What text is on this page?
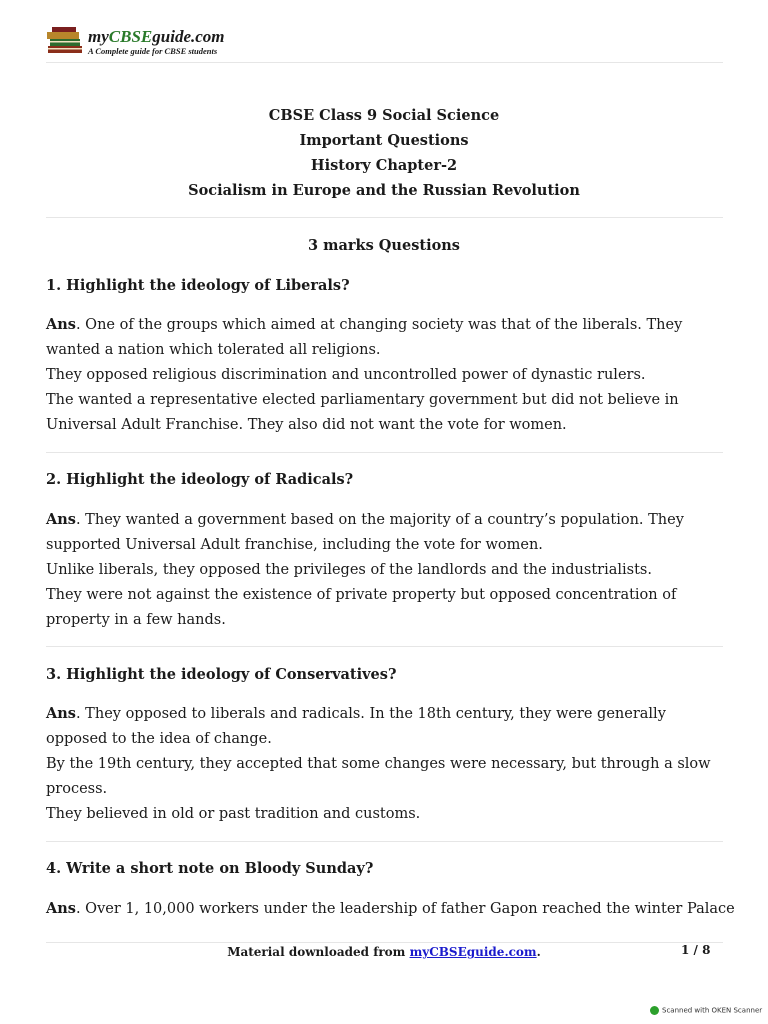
myCBSEguide.com
A Complete guide for CBSE students
CBSE Class 9 Social Science
Important Questions
History Chapter-2
Socialism in Europe and the Russian Revolution
3 marks Questions
1. Highlight the ideology of Liberals?

Ans. One of the groups which aimed at changing society was that of the liberals. They wanted a nation which tolerated all religions.

They opposed religious discrimination and uncontrolled power of dynastic rulers.

The wanted a representative elected parliamentary government but did not believe in Universal Adult Franchise. They also did not want the vote for women.

2. Highlight the ideology of Radicals?

Ans. They wanted a government based on the majority of a country’s population. They supported Universal Adult franchise, including the vote for women.

Unlike liberals, they opposed the privileges of the landlords and the industrialists.

They were not against the existence of private property but opposed concentration of property in a few hands.

3. Highlight the ideology of Conservatives?

Ans. They opposed to liberals and radicals. In the 18th century, they were generally opposed to the idea of change.

By the 19th century, they accepted that some changes were necessary, but through a slow process.

They believed in old or past tradition and customs.

4. Write a short note on Bloody Sunday?

Ans. Over 1, 10,000 workers under the leadership of father Gapon reached the winter Palace

Material downloaded from myCBSEguide.com.	1 / 8
Scanned with OKEN Scanner
